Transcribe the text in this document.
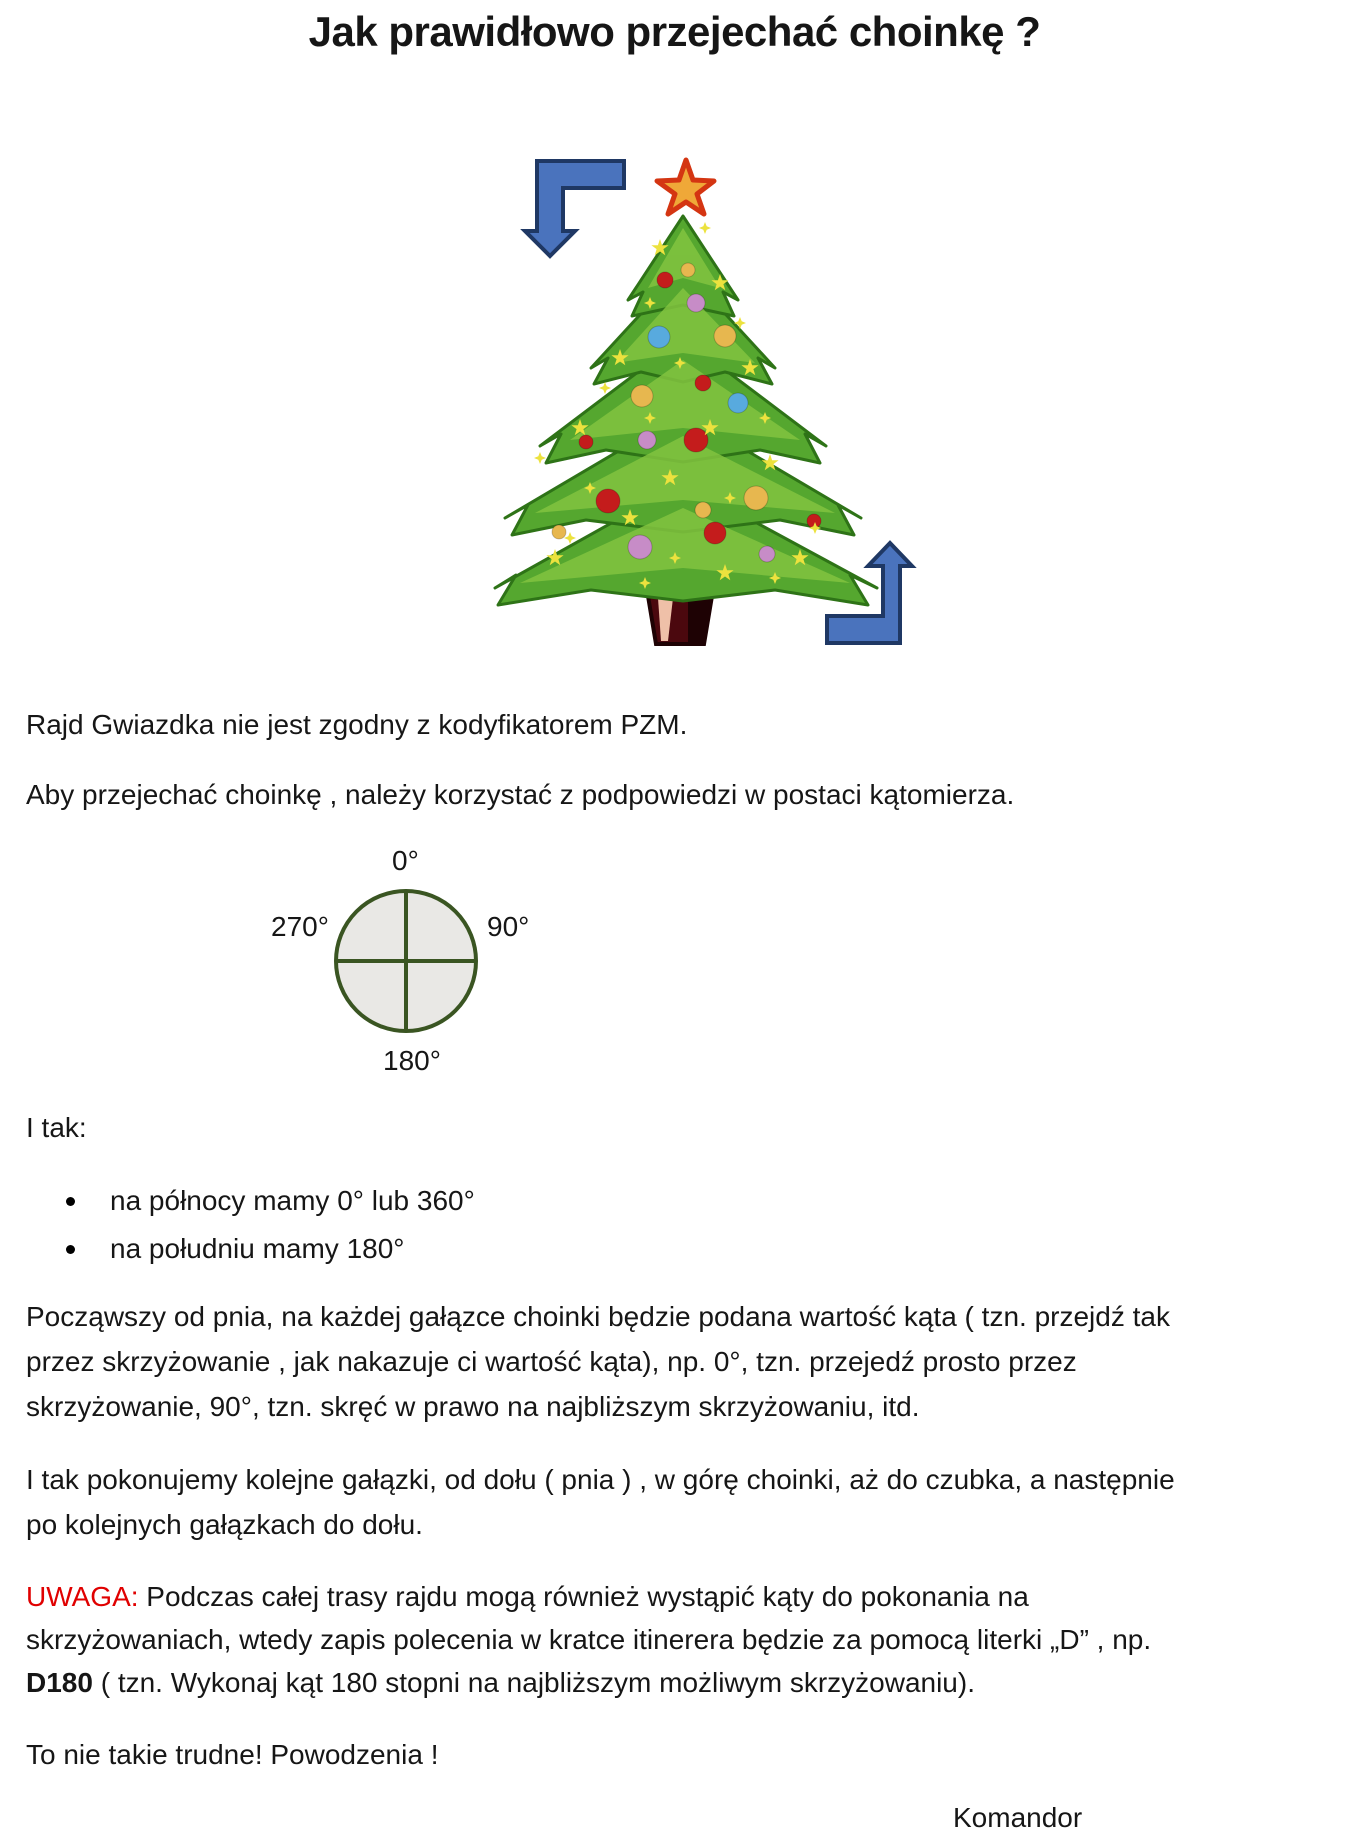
Jak prawidłowo przejechać choinkę ?
Rajd Gwiazdka nie jest zgodny z kodyfikatorem PZM.
Aby przejechać choinkę , należy korzystać z podpowiedzi w postaci kątomierza.
0°
270°	90°
180°
I tak:
na północy mamy 0° lub 360°
na południu mamy 180°
Począwszy od pnia, na każdej gałązce choinki będzie podana wartość kąta ( tzn. przejdź tak
przez skrzyżowanie , jak nakazuje ci wartość kąta), np. 0°, tzn. przejedź prosto przez
skrzyżowanie, 90°, tzn. skręć w prawo na najbliższym skrzyżowaniu, itd.
I tak pokonujemy kolejne gałązki, od dołu ( pnia ) , w górę choinki, aż do czubka, a następnie
po kolejnych gałązkach do dołu.
UWAGA: Podczas całej trasy rajdu mogą również wystąpić kąty do pokonania na
skrzyżowaniach, wtedy zapis polecenia w kratce itinerera będzie za pomocą literki „D” , np.
D180 ( tzn. Wykonaj kąt 180 stopni na najbliższym możliwym skrzyżowaniu).
To nie takie trudne! Powodzenia !
Komandor
